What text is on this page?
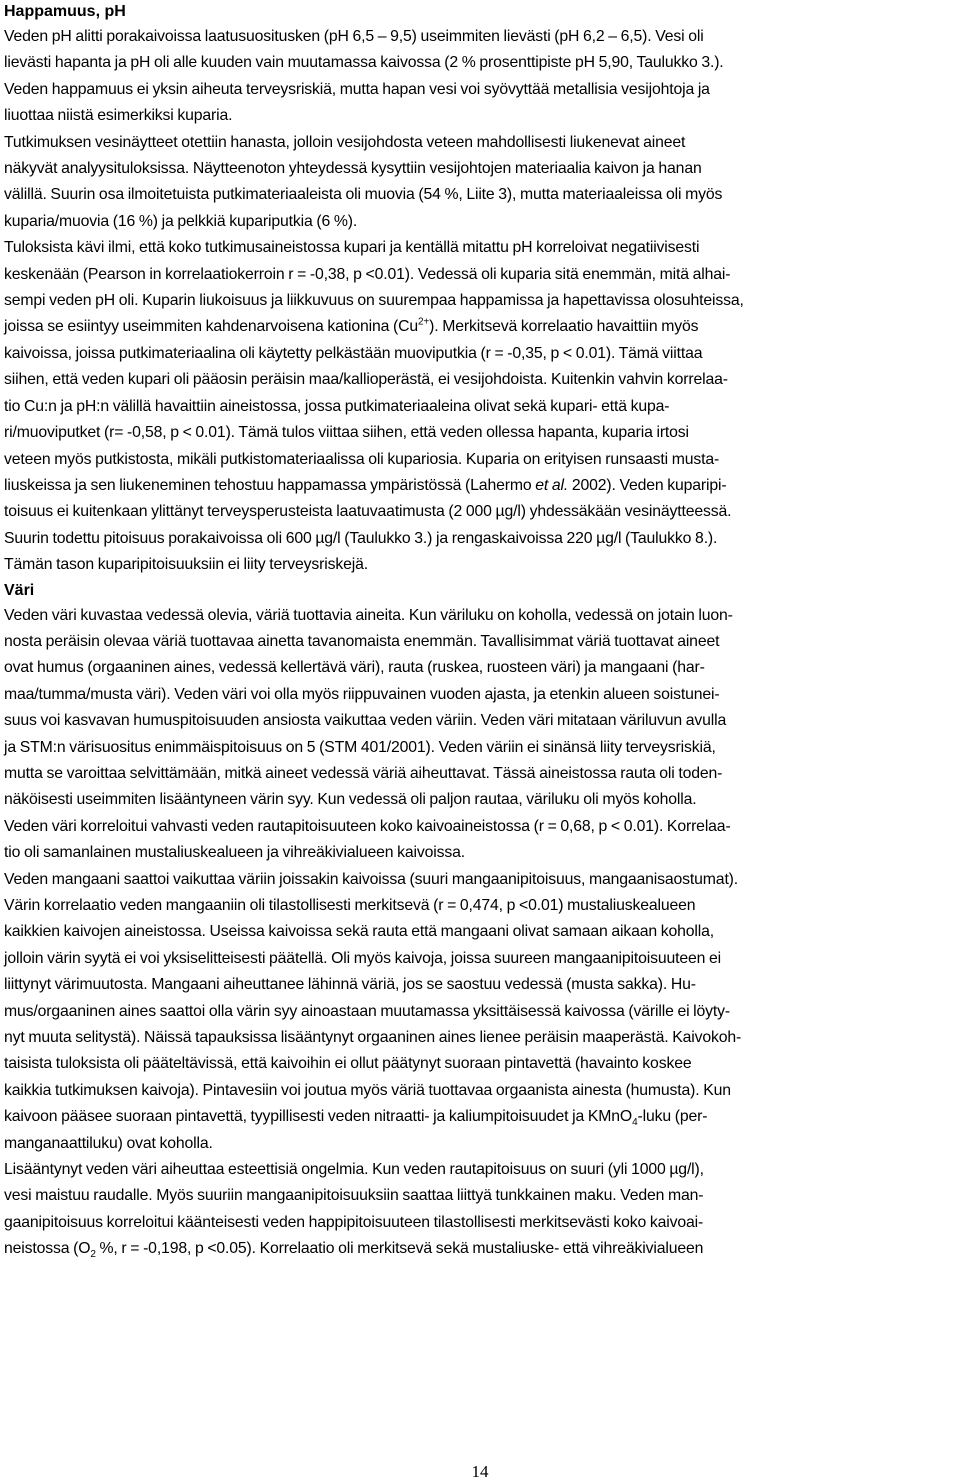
Happamuus, pH

Veden pH alitti porakaivoissa laatusuositusken (pH 6,5 – 9,5) useimmiten lievästi (pH 6,2 – 6,5). Vesi oli
lievästi hapanta ja pH oli alle kuuden vain muutamassa kaivossa (2 % prosenttipiste pH 5,90, Taulukko 3.).
Veden happamuus ei yksin aiheuta terveysriskiä, mutta hapan vesi voi syövyttää metallisia vesijohtoja ja
liuottaa niistä esimerkiksi kuparia.

Tutkimuksen vesinäytteet otettiin hanasta, jolloin vesijohdosta veteen mahdollisesti liukenevat aineet
näkyvät analyysituloksissa. Näytteenoton yhteydessä kysyttiin vesijohtojen materiaalia kaivon ja hanan
välillä. Suurin osa ilmoitetuista putkimateriaaleista oli muovia (54 %, Liite 3), mutta materiaaleissa oli myös
kuparia/muovia (16 %) ja pelkkiä kupariputkia (6 %).

Tuloksista kävi ilmi, että koko tutkimusaineistossa kupari ja kentällä mitattu pH korreloivat negatiivisesti
keskenään (Pearson in korrelaatiokerroin r = -0,38, p <0.01). Vedessä oli kuparia sitä enemmän, mitä alhai-
sempi veden pH oli. Kuparin liukoisuus ja liikkuvuus on suurempaa happamissa ja hapettavissa olosuhteissa,
joissa se esiintyy useimmiten kahdenarvoisena kationina $(Cu^{2+})$. Merkitsevä korrelaatio havaittiin myös
kaivoissa, joissa putkimateriaalina oli käytetty pelkästään muoviputkia (r = -0,35, p < 0.01). Tämä viittaa
siihen, että veden kupari oli pääosin peräisin maa/kallioperästä, ei vesijohdoista. Kuitenkin vahvin korrelaa-
tio Cu:n ja pH:n välillä havaittiin aineistossa, jossa putkimateriaaleina olivat sekä kupari- että kupa-
ri/muoviputket (r= -0,58, p < 0.01). Tämä tulos viittaa siihen, että veden ollessa hapanta, kuparia irtosi
veteen myös putkistosta, mikäli putkistomateriaalissa oli kupariosia. Kuparia on erityisen runsaasti musta-
liuskeissa ja sen liukeneminen tehostuu happamassa ympäristössä (Lahermo et al. 2002). Veden kuparipi-
toisuus ei kuitenkaan ylittänyt terveysperusteista laatuvaatimusta (2 000 µg/l) yhdessäkään vesinäytteessä.
Suurin todettu pitoisuus porakaivoissa oli 600 µg/l (Taulukko 3.) ja rengaskaivoissa 220 µg/l (Taulukko 8.).
Tämän tason kuparipitoisuuksiin ei liity terveysriskejä.

Väri

Veden väri kuvastaa vedessä olevia, väriä tuottavia aineita. Kun väriluku on koholla, vedessä on jotain luon-
nosta peräisin olevaa väriä tuottavaa ainetta tavanomaista enemmän. Tavallisimmat väriä tuottavat aineet
ovat humus (orgaaninen aines, vedessä kellertävä väri), rauta (ruskea, ruosteen väri) ja mangaani (har-
maa/tumma/musta väri). Veden väri voi olla myös riippuvainen vuoden ajasta, ja etenkin alueen soistunei-
suus voi kasvavan humuspitoisuuden ansiosta vaikuttaa veden väriin. Veden väri mitataan väriluvun avulla
ja STM:n värisuositus enimmäispitoisuus on 5 (STM 401/2001). Veden väriin ei sinänsä liity terveysriskiä,
mutta se varoittaa selvittämään, mitkä aineet vedessä väriä aiheuttavat. Tässä aineistossa rauta oli toden-
näköisesti useimmiten lisääntyneen värin syy. Kun vedessä oli paljon rautaa, väriluku oli myös koholla.
Veden väri korreloitui vahvasti veden rautapitoisuuteen koko kaivoaineistossa (r = 0,68, p < 0.01). Korrelaa-
tio oli samanlainen mustaliuskealueen ja vihreäkivialueen kaivoissa.

Veden mangaani saattoi vaikuttaa väriin joissakin kaivoissa (suuri mangaanipitoisuus, mangaanisaostumat).
Värin korrelaatio veden mangaaniin oli tilastollisesti merkitsevä (r = 0,474, p <0.01) mustaliuskealueen
kaikkien kaivojen aineistossa. Useissa kaivoissa sekä rauta että mangaani olivat samaan aikaan koholla,
jolloin värin syytä ei voi yksiselitteisesti päätellä. Oli myös kaivoja, joissa suureen mangaanipitoisuuteen ei
liittynyt värimuutosta. Mangaani aiheuttanee lähinnä väriä, jos se saostuu vedessä (musta sakka). Hu-
mus/orgaaninen aines saattoi olla värin syy ainoastaan muutamassa yksittäisessä kaivossa (värille ei löyty-
nyt muuta selitystä). Näissä tapauksissa lisääntynyt orgaaninen aines lienee peräisin maaperästä. Kaivokoh-
taisista tuloksista oli pääteltävissä, että kaivoihin ei ollut päätynyt suoraan pintavettä (havainto koskee
kaikkia tutkimuksen kaivoja). Pintavesiin voi joutua myös väriä tuottavaa orgaanista ainesta (humusta). Kun
kaivoon pääsee suoraan pintavettä, tyypillisesti veden nitraatti- ja kaliumpitoisuudet ja KMnO$_4$-luku (per-
manganaattiluku) ovat koholla.

Lisääntynyt veden väri aiheuttaa esteettisiä ongelmia. Kun veden rautapitoisuus on suuri (yli 1000 µg/l),
vesi maistuu raudalle. Myös suuriin mangaanipitoisuuksiin saattaa liittyä tunkkainen maku. Veden man-
gaanipitoisuus korreloitui käänteisesti veden happipitoisuuteen tilastollisesti merkitsevästi koko kaivoai-
neistossa ($O_2$ %, r = -0,198, p <0.05). Korrelaatio oli merkitsevä sekä mustaliuske- että vihreäkivialueen

14
